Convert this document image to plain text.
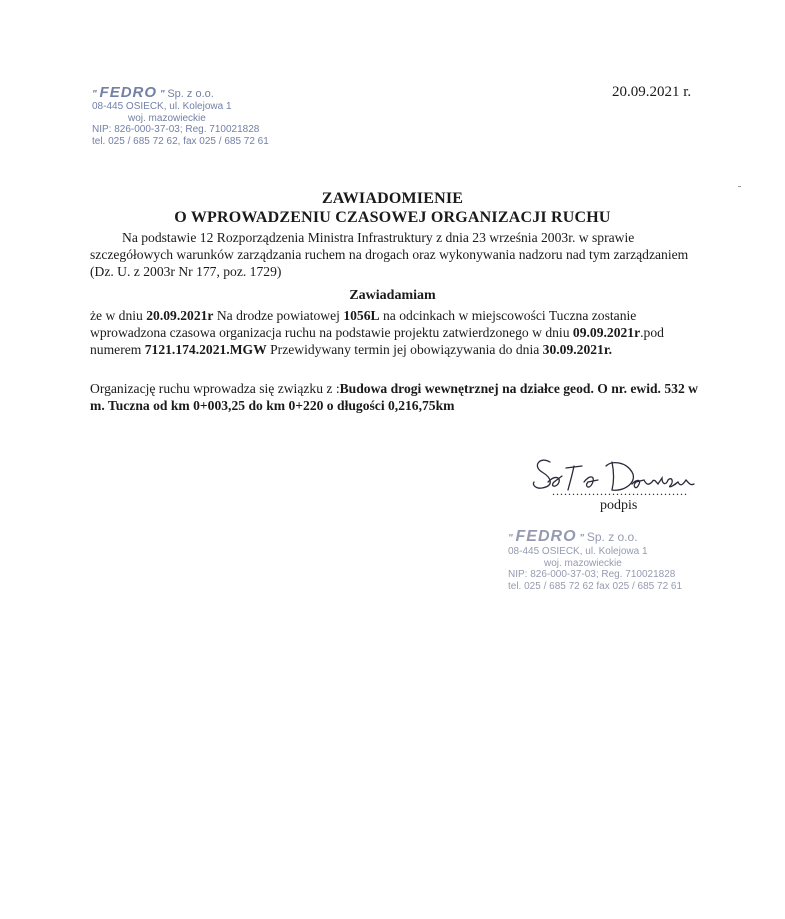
" FEDRO " Sp. z o.o.
08-445 OSIECK, ul. Kolejowa 1
woj. mazowieckie
NIP: 826-000-37-03; Reg. 710021828
tel. 025 / 685 72 62, fax 025 / 685 72 61
20.09.2021 r.
ZAWIADOMIENIE
O WPROWADZENIU CZASOWEJ ORGANIZACJI RUCHU
Na podstawie 12 Rozporządzenia Ministra Infrastruktury z dnia 23 września 2003r. w sprawie szczegółowych warunków zarządzania ruchem na drogach oraz wykonywania nadzoru nad tym zarządzaniem (Dz. U. z 2003r Nr 177, poz. 1729)
Zawiadamiam
że w dniu 20.09.2021r Na drodze powiatowej 1056L na odcinkach w miejscowości Tuczna zostanie wprowadzona czasowa organizacja ruchu na podstawie projektu zatwierdzonego w dniu 09.09.2021r.pod numerem 7121.174.2021.MGW Przewidywany termin jej obowiązywania do dnia 30.09.2021r.
Organizację ruchu wprowadza się związku z :Budowa drogi wewnętrznej na działce geod. O nr. ewid. 532 w m. Tuczna od km 0+003,25 do km 0+220 o długości 0,216,75km
..................................
podpis
" FEDRO " Sp. z o.o.
08-445 OSIECK, ul. Kolejowa 1
woj. mazowieckie
NIP: 826-000-37-03; Reg. 710021828
tel. 025 / 685 72 62 fax 025 / 685 72 61
